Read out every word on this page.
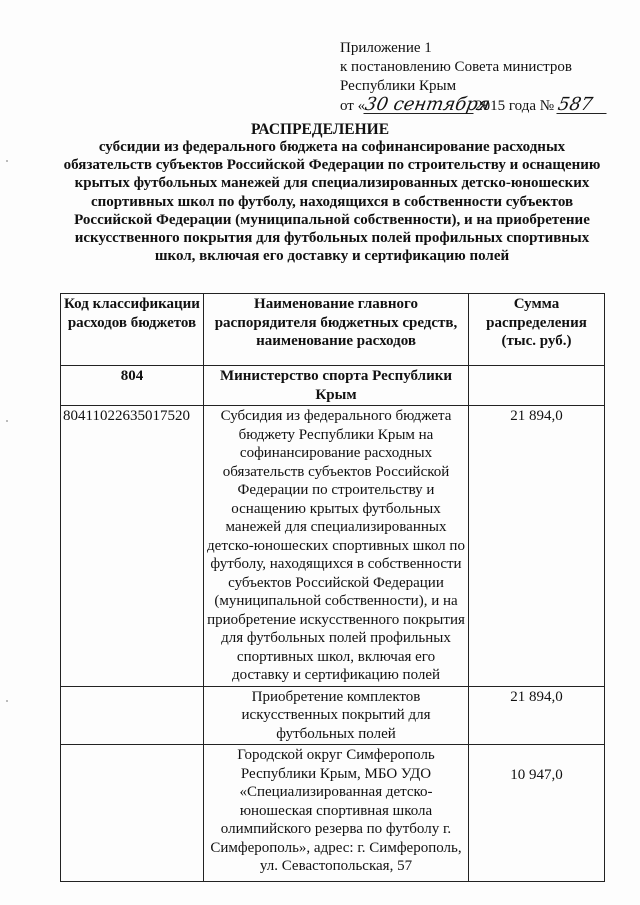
Приложение 1
к постановлению Совета министров
Республики Крым
от «30 сентября2015 года № 587
РАСПРЕДЕЛЕНИЕ
субсидии из федерального бюджета на софинансирование расходных обязательств субъектов Российской Федерации по строительству и оснащению крытых футбольных манежей для специализированных детско-юношеских спортивных школ по футболу, находящихся в собственности субъектов Российской Федерации (муниципальной собственности), и на приобретение искусственного покрытия для футбольных полей профильных спортивных школ, включая его доставку и сертификацию полей
Код классификации расходов бюджетов	Наименование главного распорядителя бюджетных средств, наименование расходов	Сумма распределения (тыс. руб.)
804	Министерство спорта Республики Крым	
80411022635017520	Субсидия из федерального бюджета бюджету Республики Крым на софинансирование расходных обязательств субъектов Российской Федерации по строительству и оснащению крытых футбольных манежей для специализированных детско-юношеских спортивных школ по футболу, находящихся в собственности субъектов Российской Федерации (муниципальной собственности), и на приобретение искусственного покрытия для футбольных полей профильных спортивных школ, включая его доставку и сертификацию полей	21 894,0
	Приобретение комплектов искусственных покрытий для футбольных полей	21 894,0
	Городской округ Симферополь Республики Крым, МБО УДО «Специализированная детско-юношеская спортивная школа олимпийского резерва по футболу г. Симферополь», адрес: г. Симферополь, ул. Севастопольская, 57	10 947,0
